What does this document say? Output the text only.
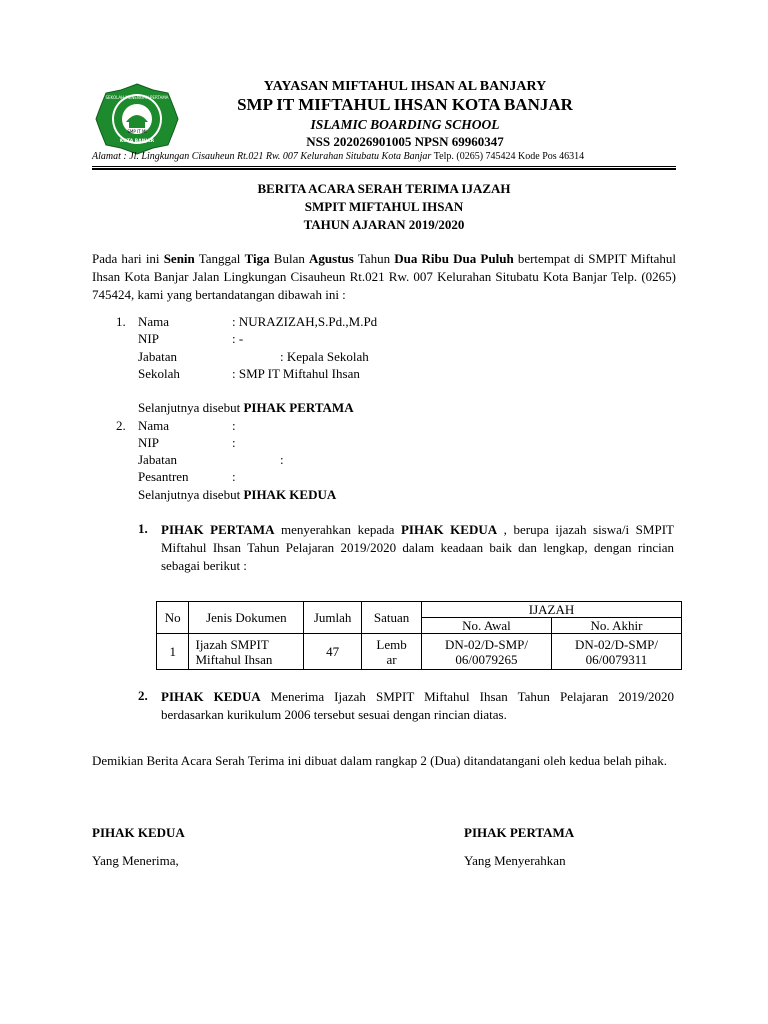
SEKOLAH MENENGAH PERTAMA
SMP IT MI
KOTA BANJAR
YAYASAN MIFTAHUL IHSAN AL BANJARY
SMP IT MIFTAHUL IHSAN KOTA BANJAR
ISLAMIC BOARDING SCHOOL
NSS 202026901005 NPSN 69960347
Alamat : Jl. Lingkungan Cisauheun Rt.021 Rw. 007 Kelurahan Situbatu Kota Banjar Telp. (0265) 745424 Kode Pos 46314
BERITA ACARA SERAH TERIMA IJAZAH
SMPIT MIFTAHUL IHSAN
TAHUN AJARAN 2019/2020

Pada hari ini Senin Tanggal Tiga Bulan Agustus Tahun Dua Ribu Dua Puluh bertempat di SMPIT Miftahul Ihsan Kota Banjar Jalan Lingkungan Cisauheun Rt.021 Rw. 007 Kelurahan Situbatu Kota Banjar Telp. (0265) 745424, kami yang bertandatangan dibawah ini :

1. Nama	: NURAZIZAH,S.Pd.,M.Pd
NIP	: -
Jabatan	: Kepala Sekolah
Sekolah	: SMP IT Miftahul Ihsan
Selanjutnya disebut PIHAK PERTAMA
2. Nama	:
NIP	:
Jabatan	:
Pesantren	:
Selanjutnya disebut PIHAK KEDUA
1. PIHAK PERTAMA menyerahkan kepada PIHAK KEDUA , berupa ijazah siswa/i SMPIT Miftahul Ihsan Tahun Pelajaran 2019/2020 dalam keadaan baik dan lengkap, dengan rincian sebagai berikut :

No	Jenis Dokumen	Jumlah	Satuan	IJAZAH	
				No. Awal	No. Akhir
1	Ijazah SMPIT Miftahul Ihsan	47	Lembar	DN-02/D-SMP/ 06/0079265	DN-02/D-SMP/ 06/0079311
2. PIHAK KEDUA Menerima Ijazah SMPIT Miftahul Ihsan Tahun Pelajaran 2019/2020 berdasarkan kurikulum 2006 tersebut sesuai dengan rincian diatas.

Demikian Berita Acara Serah Terima ini dibuat dalam rangkap 2 (Dua) ditandatangani oleh kedua belah pihak.

PIHAK KEDUA
Yang Menerima,
PIHAK PERTAMA
Yang Menyerahkan
